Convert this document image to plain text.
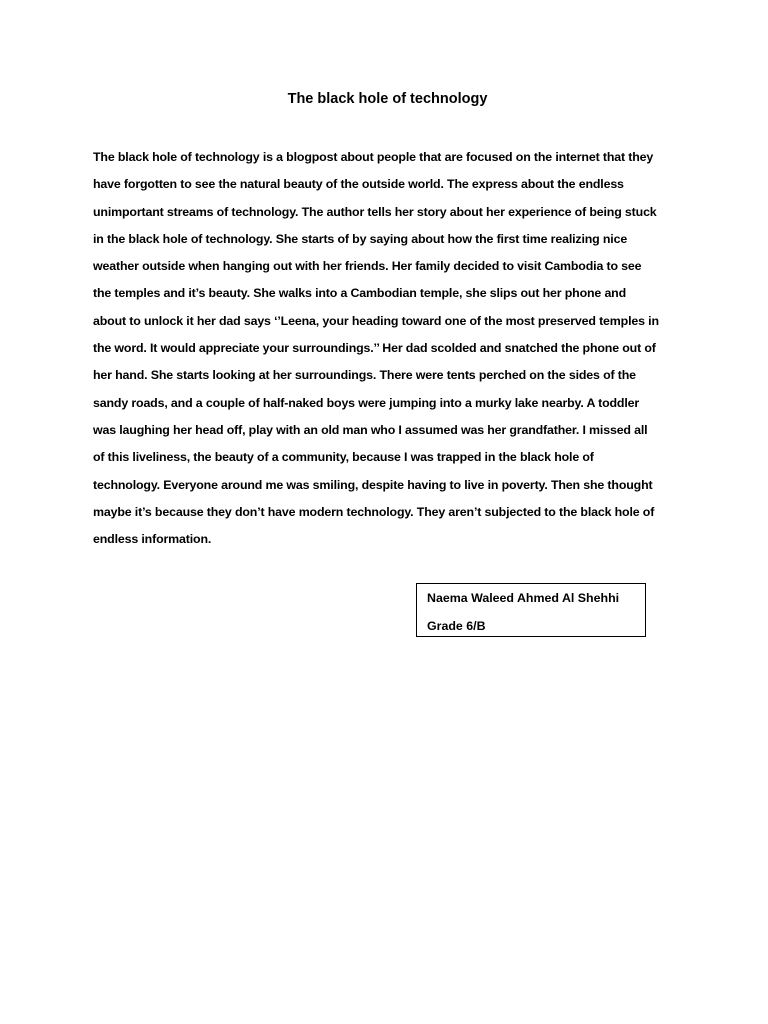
The black hole of technology
The black hole of technology is a blogpost about people that are focused on the internet that they
have forgotten to see the natural beauty of the outside world. The express about the endless
unimportant streams of technology. The author tells her story about her experience of being stuck
in the black hole of technology. She starts of by saying about how the first time realizing nice
weather outside when hanging out with her friends. Her family decided to visit Cambodia to see
the temples and it’s beauty. She walks into a Cambodian temple, she slips out her phone and
about to unlock it her dad says ‘’Leena, your heading toward one of the most preserved temples in
the word. It would appreciate your surroundings.’’ Her dad scolded and snatched the phone out of
her hand. She starts looking at her surroundings. There were tents perched on the sides of the
sandy roads, and a couple of half-naked boys were jumping into a murky lake nearby. A toddler
was laughing her head off, play with an old man who I assumed was her grandfather. I missed all
of this liveliness, the beauty of a community, because I was trapped in the black hole of
technology. Everyone around me was smiling, despite having to live in poverty. Then she thought
maybe it’s because they don’t have modern technology. They aren’t subjected to the black hole of
endless information.
Naema Waleed Ahmed Al Shehhi
Grade 6/B
